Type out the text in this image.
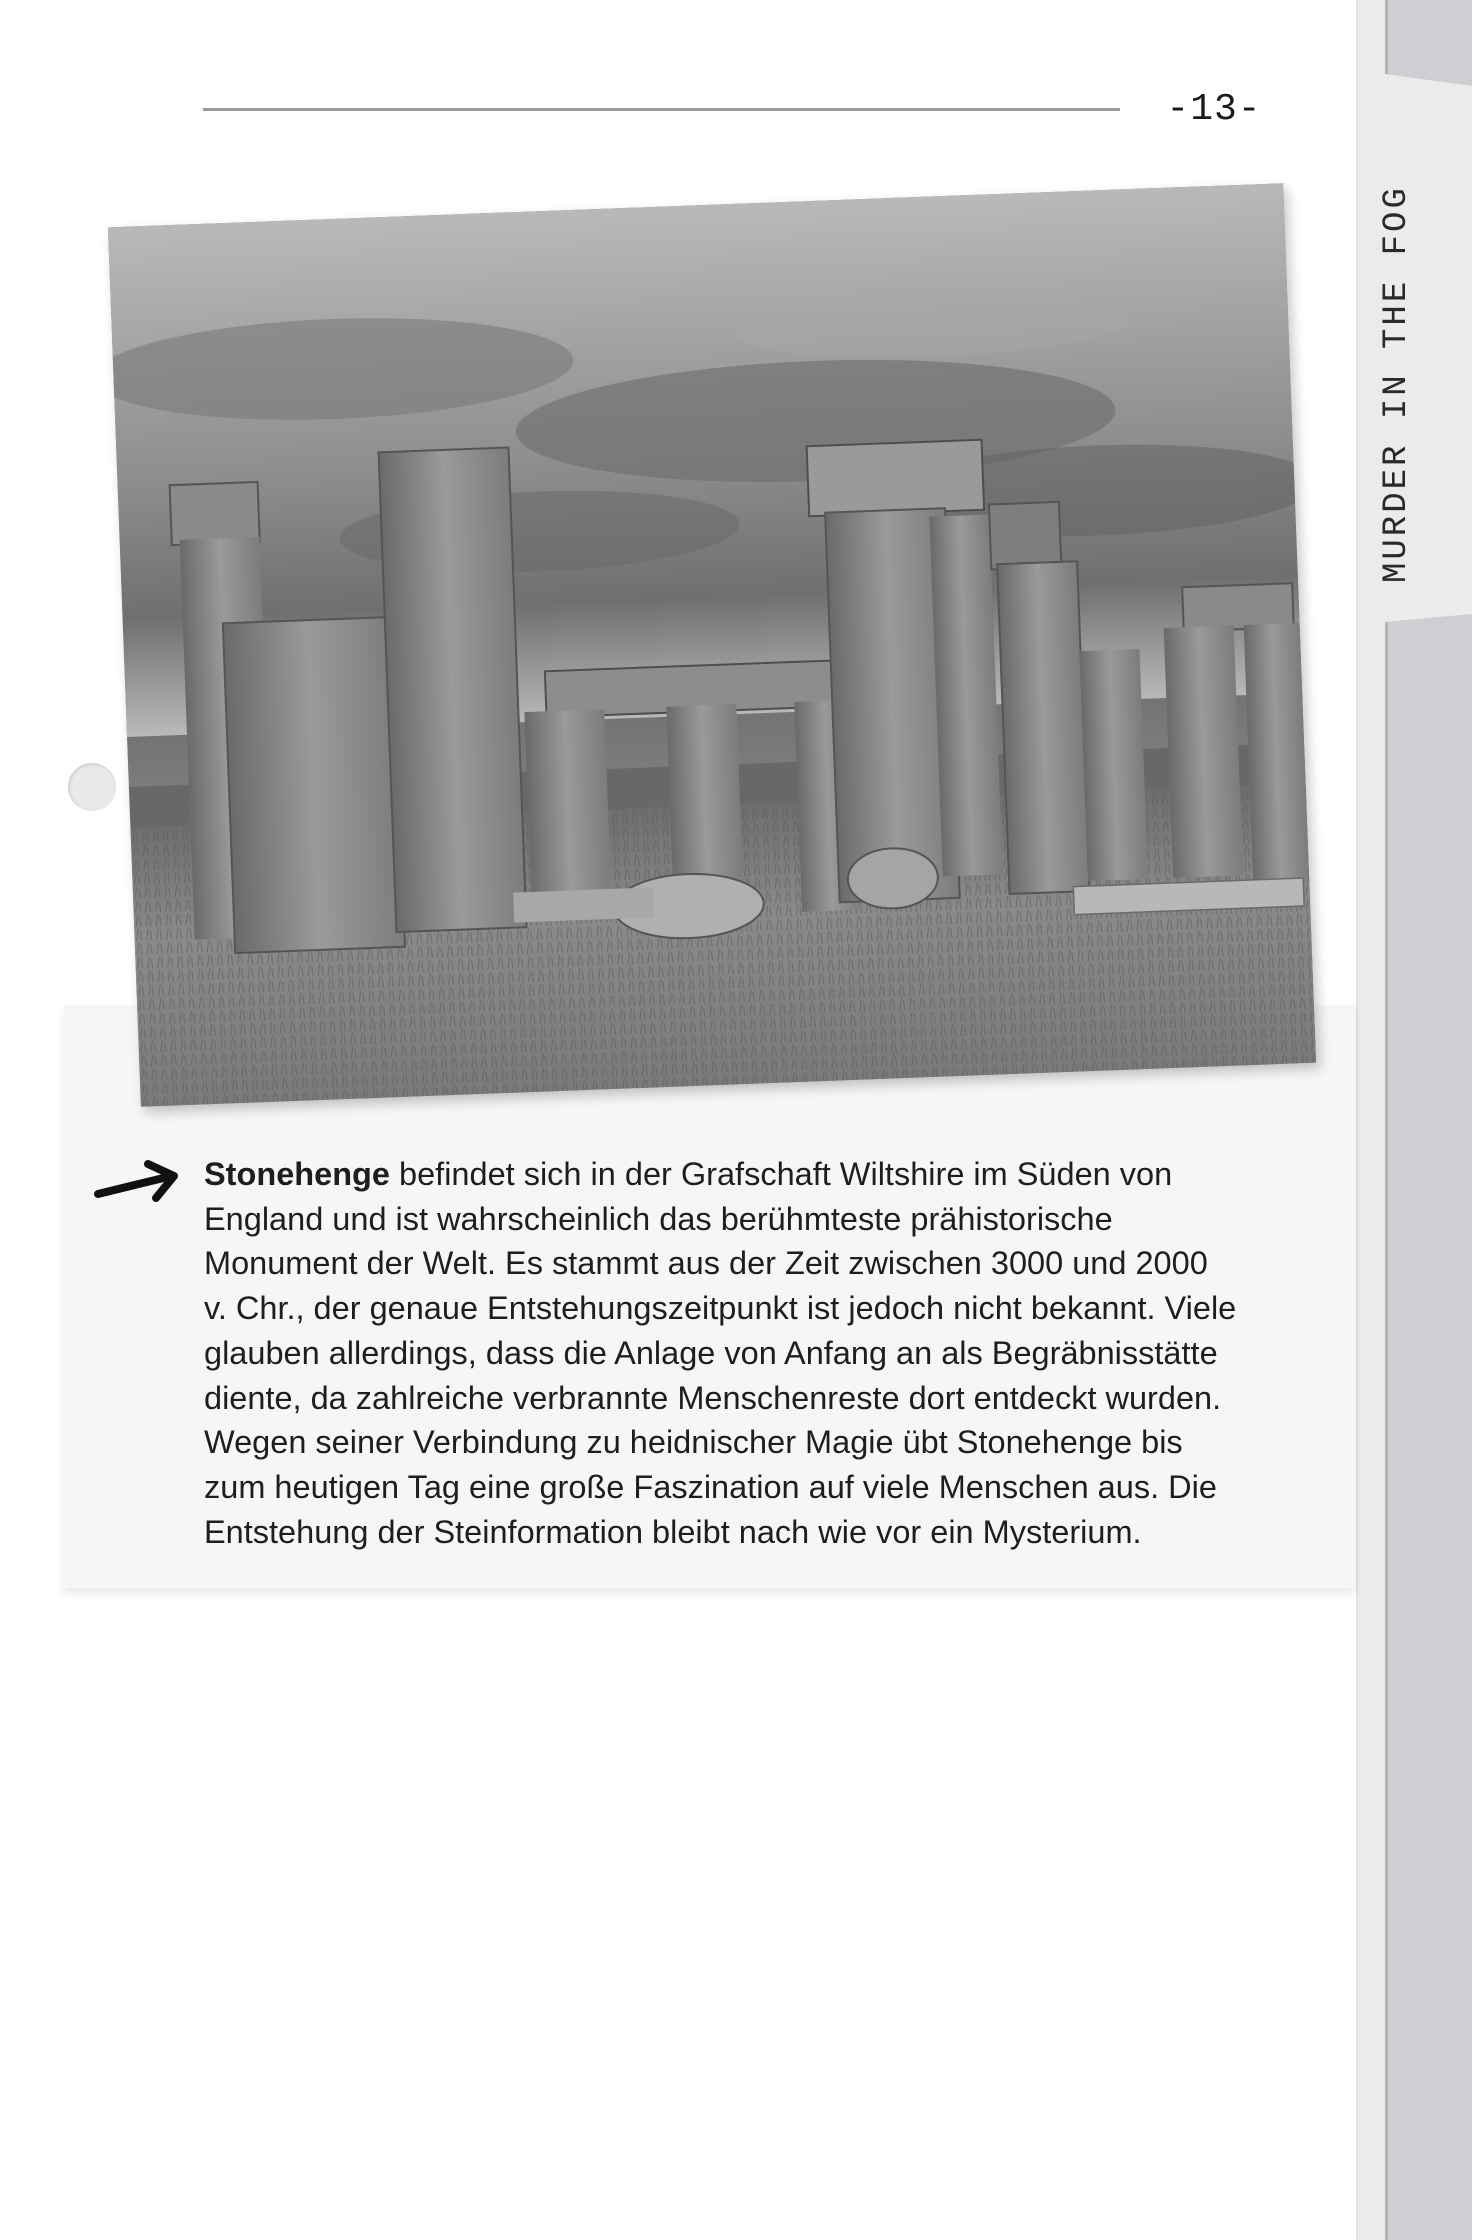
-13-
MURDER IN THE FOG
Stonehenge befindet sich in der Grafschaft Wiltshire im Süden von
England und ist wahrscheinlich das berühmteste prähistorische
Monument der Welt. Es stammt aus der Zeit zwischen 3000 und 2000
v. Chr., der genaue Entstehungszeitpunkt ist jedoch nicht bekannt. Viele
glauben allerdings, dass die Anlage von Anfang an als Begräbnisstätte
diente, da zahlreiche verbrannte Menschenreste dort entdeckt wurden.
Wegen seiner Verbindung zu heidnischer Magie übt Stonehenge bis
zum heutigen Tag eine große Faszination auf viele Menschen aus. Die
Entstehung der Steinformation bleibt nach wie vor ein Mysterium.
